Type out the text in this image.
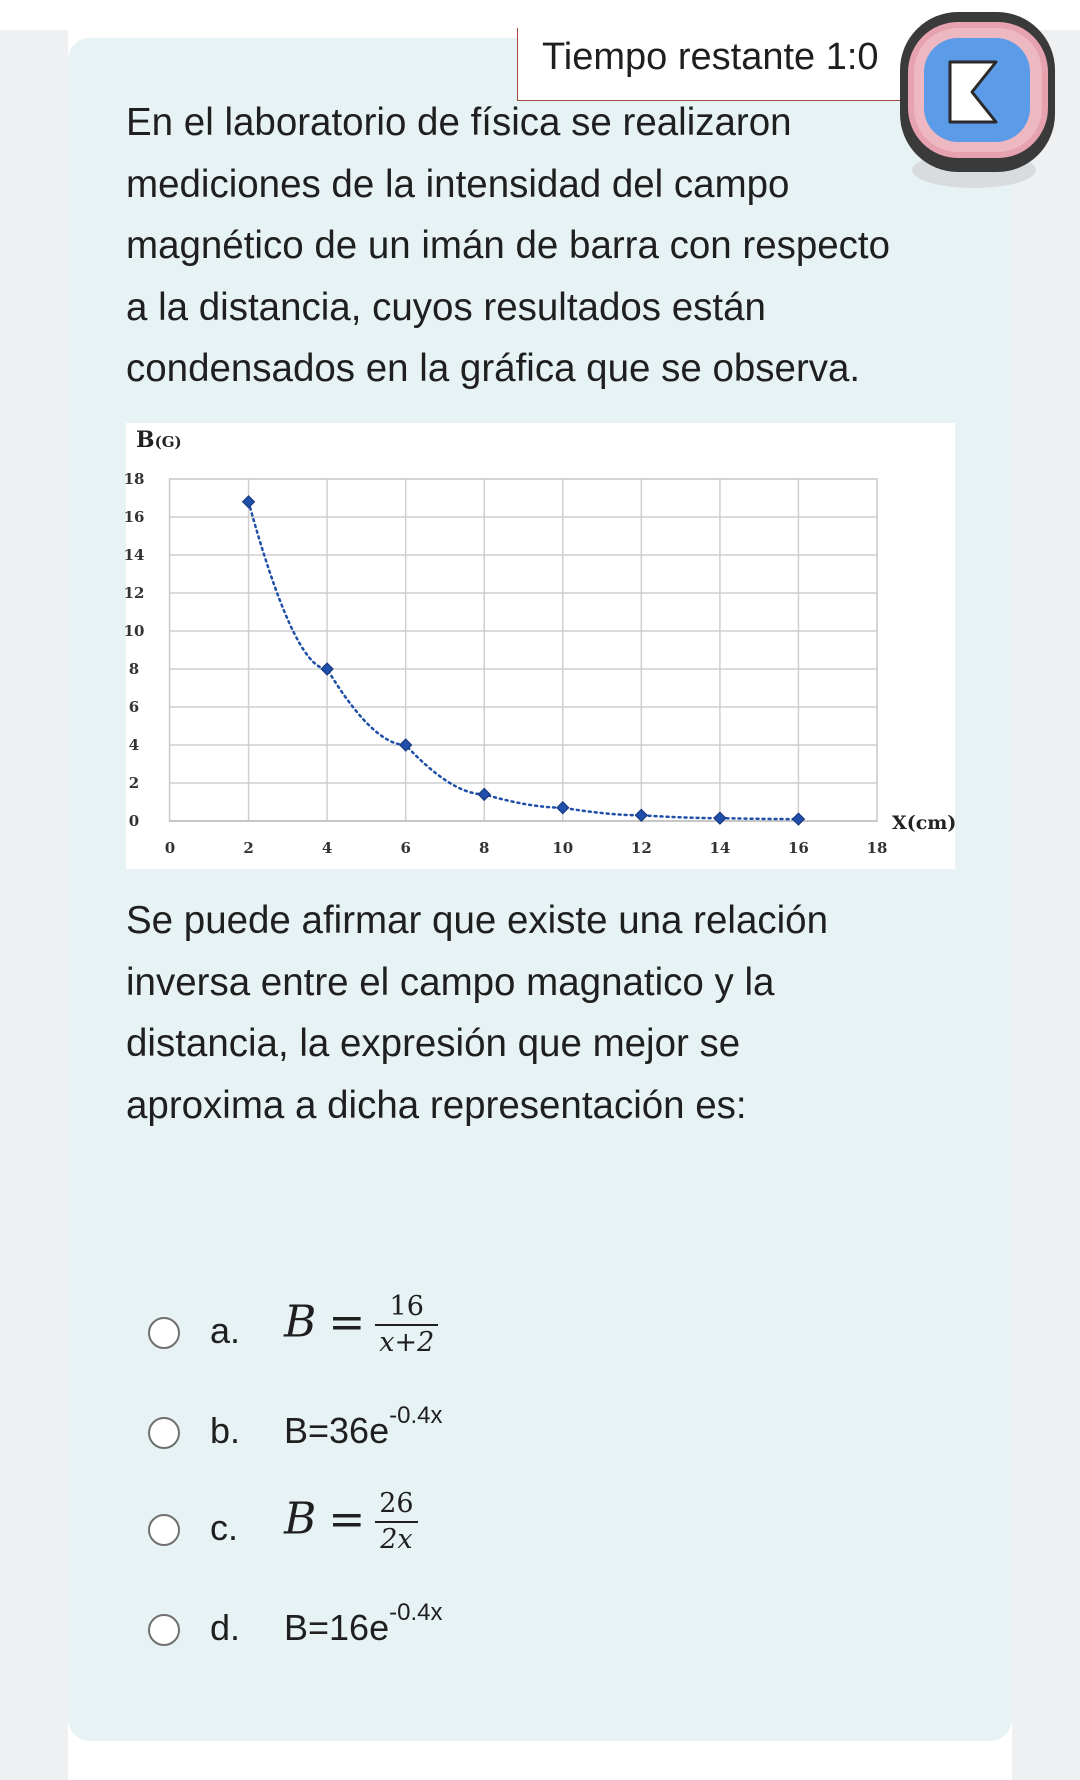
Tiempo restante 1:0

En el laboratorio de física se realizaron

mediciones de la intensidad del campo

magnético de un imán de barra con respecto

a la distancia, cuyos resultados están

condensados en la gráfica que se observa.

0
2
4
6
8
10
12
14
16
18
0	2	4	6	8	10	12	14	16	18
B(G)
X(cm)

Se puede afirmar que existe una relación

inversa entre el campo magnatico y la

distancia, la expresión que mejor se

aproxima a dicha representación es:

a. $B = \frac{16}{x+2}$
b. $B=36e^{-0.4x}$
c. $B = \frac{26}{2x}$
d. $B=16e^{-0.4x}$
